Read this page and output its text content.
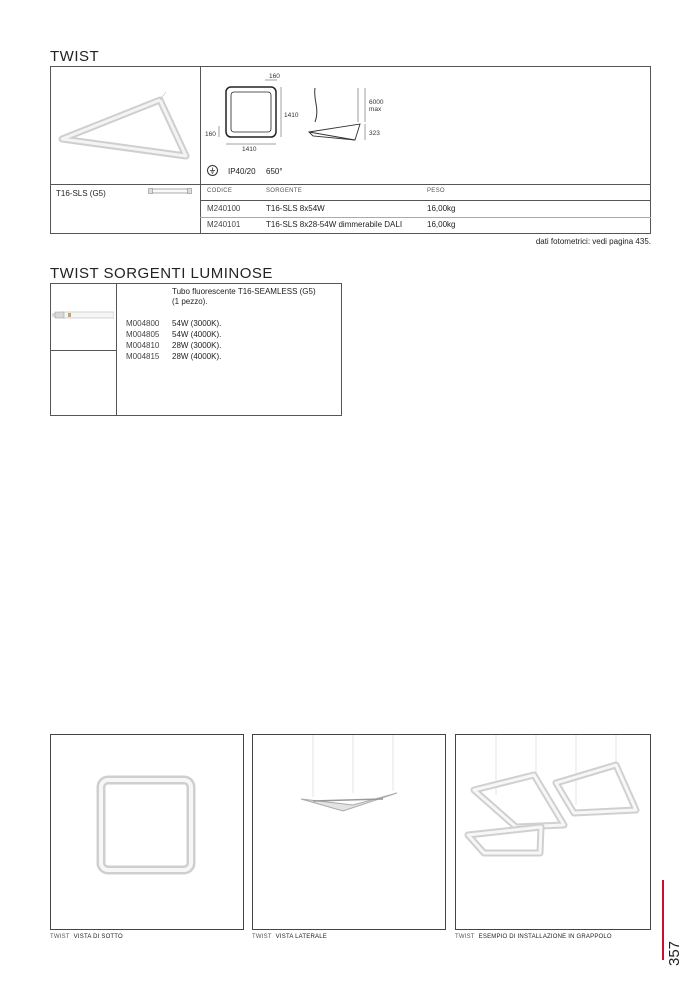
TWIST
160
1410
160
1410
6000
max
323
IP40/20 650°
T16-SLS (G5)	CODICE	SORGENTE	PESO
M240100	T16-SLS 8x54W	16,00kg
M240101	T16-SLS 8x28-54W dimmerabile DALI	16,00kg
dati fotometrici: vedi pagina 435.
TWIST SORGENTI LUMINOSE
Tubo fluorescente T16-SEAMLESS (G5)
(1 pezzo).
M004800 54W (3000K).
M004805 54W (4000K).
M004810 28W (3000K).
M004815 28W (4000K).
TWIST VISTA DI SOTTO	TWIST VISTA LATERALE	TWIST ESEMPIO DI INSTALLAZIONE IN GRAPPOLO
357
